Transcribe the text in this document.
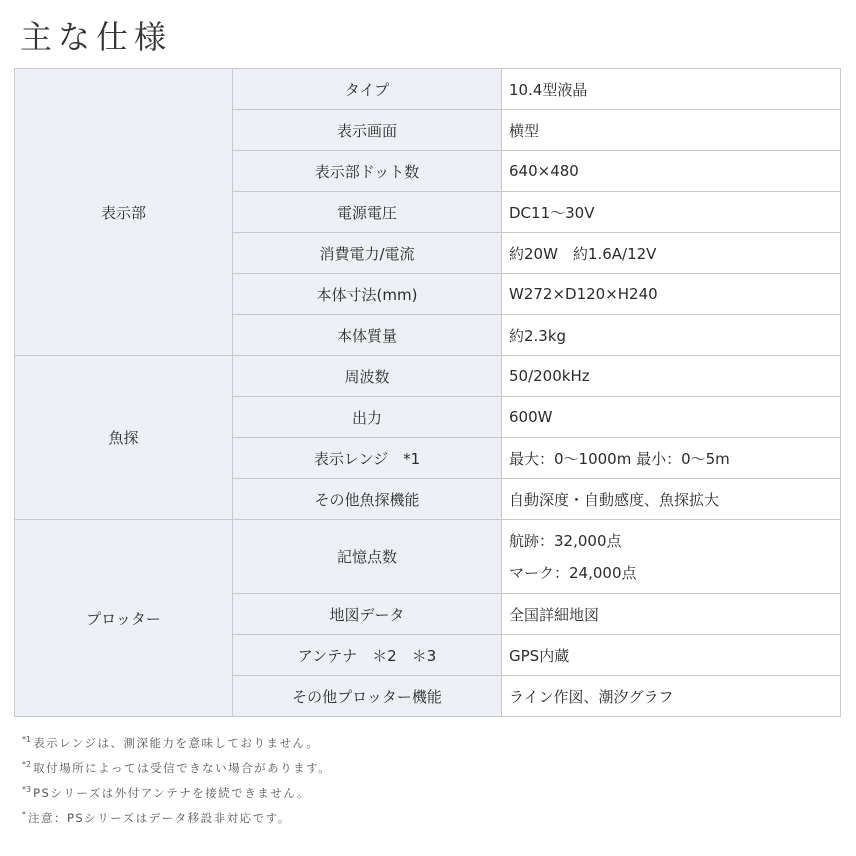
主な仕様
表示部	タイプ	10.4型液晶
	表示画面	横型
	表示部ドット数	640×480
	電源電圧	DC11〜30V
	消費電力/電流	約20W　約1.6A/12V
	本体寸法(mm)	W272×D120×H240
	本体質量	約2.3kg
魚探	周波数	50/200kHz
	出力	600W
	表示レンジ　*1	最大：0〜1000m 最小：0〜5m
	その他魚探機能	自動深度・自動感度、魚探拡大
プロッター	記憶点数	航跡：32,000点
マーク：24,000点

	地図データ	全国詳細地図
	アンテナ　＊2　＊3	GPS内蔵
	その他プロッター機能	ライン作図、潮汐グラフ
$^{*1}$ 表示レンジは、測深能力を意味しておりません。
$^{*2}$ 取付場所によっては受信できない場合があります。
$^{*3}$ PSシリーズは外付アンテナを接続できません。
* 注意：PSシリーズはデータ移設非対応です。
